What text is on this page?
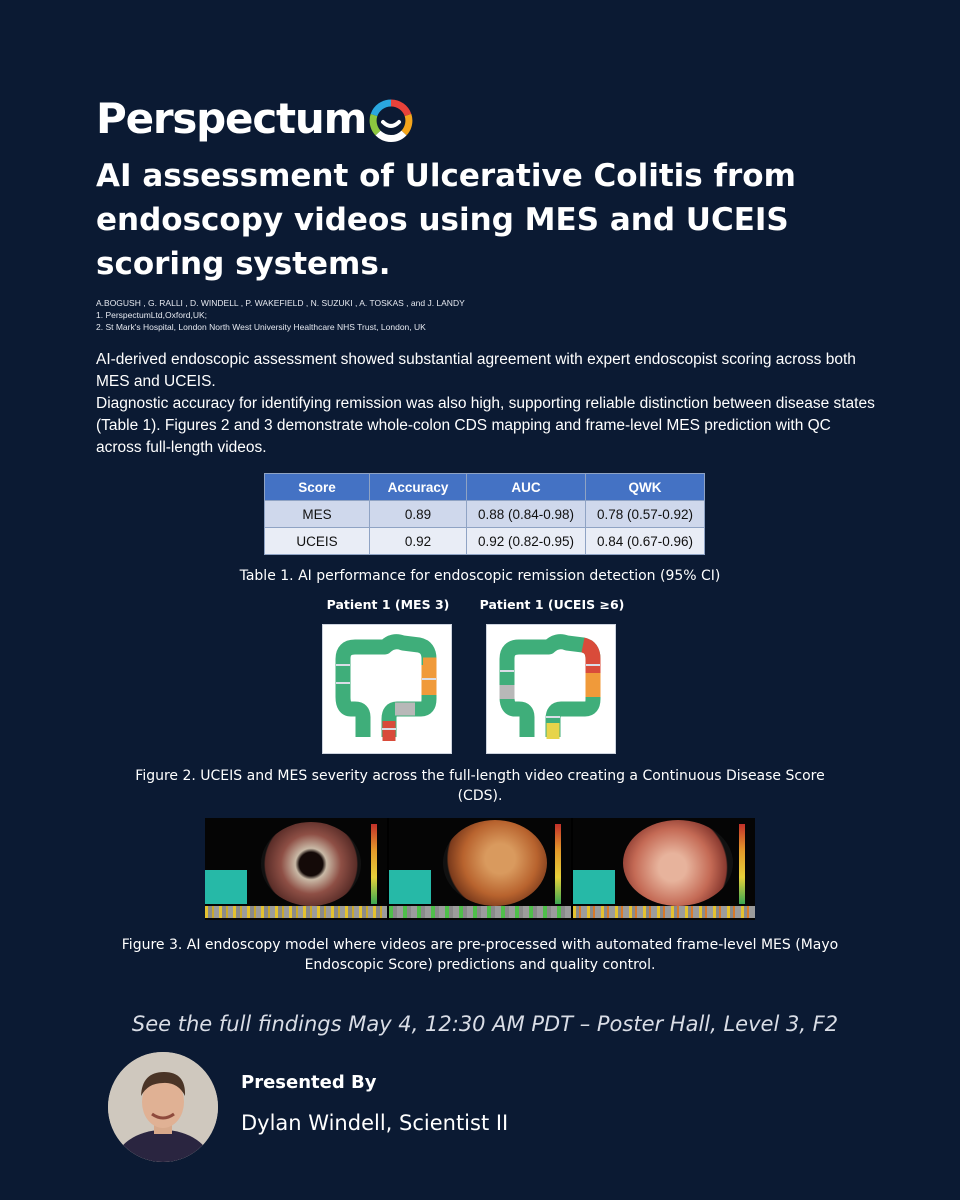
Perspectum
AI assessment of Ulcerative Colitis from endoscopy videos using MES and UCEIS scoring systems.
A.BOGUSH , G. RALLI , D. WINDELL , P. WAKEFIELD , N. SUZUKI , A. TOSKAS , and J. LANDY
1. PerspectumLtd,Oxford,UK;
2. St Mark's Hospital, London North West University Healthcare NHS Trust, London, UK

AI-derived endoscopic assessment showed substantial agreement with expert endoscopist scoring across both MES and UCEIS.

Diagnostic accuracy for identifying remission was also high, supporting reliable distinction between disease states (Table 1). Figures 2 and 3 demonstrate whole-colon CDS mapping and frame-level MES prediction with QC across full-length videos.

Score	Accuracy	AUC	QWK
MES	0.89	0.88 (0.84-0.98)	0.78 (0.57-0.92)
UCEIS	0.92	0.92 (0.82-0.95)	0.84 (0.67-0.96)
Table 1. AI performance for endoscopic remission detection (95% CI)
Patient 1 (MES 3)	Patient 1 (UCEIS ≥6)
Figure 2. UCEIS and MES severity across the full-length video creating a Continuous Disease Score (CDS).
Figure 3. AI endoscopy model where videos are pre-processed with automated frame-level MES (Mayo Endoscopic Score) predictions and quality control.
See the full findings May 4, 12:30 AM PDT – Poster Hall, Level 3, F2
Presented By
Dylan Windell, Scientist II
